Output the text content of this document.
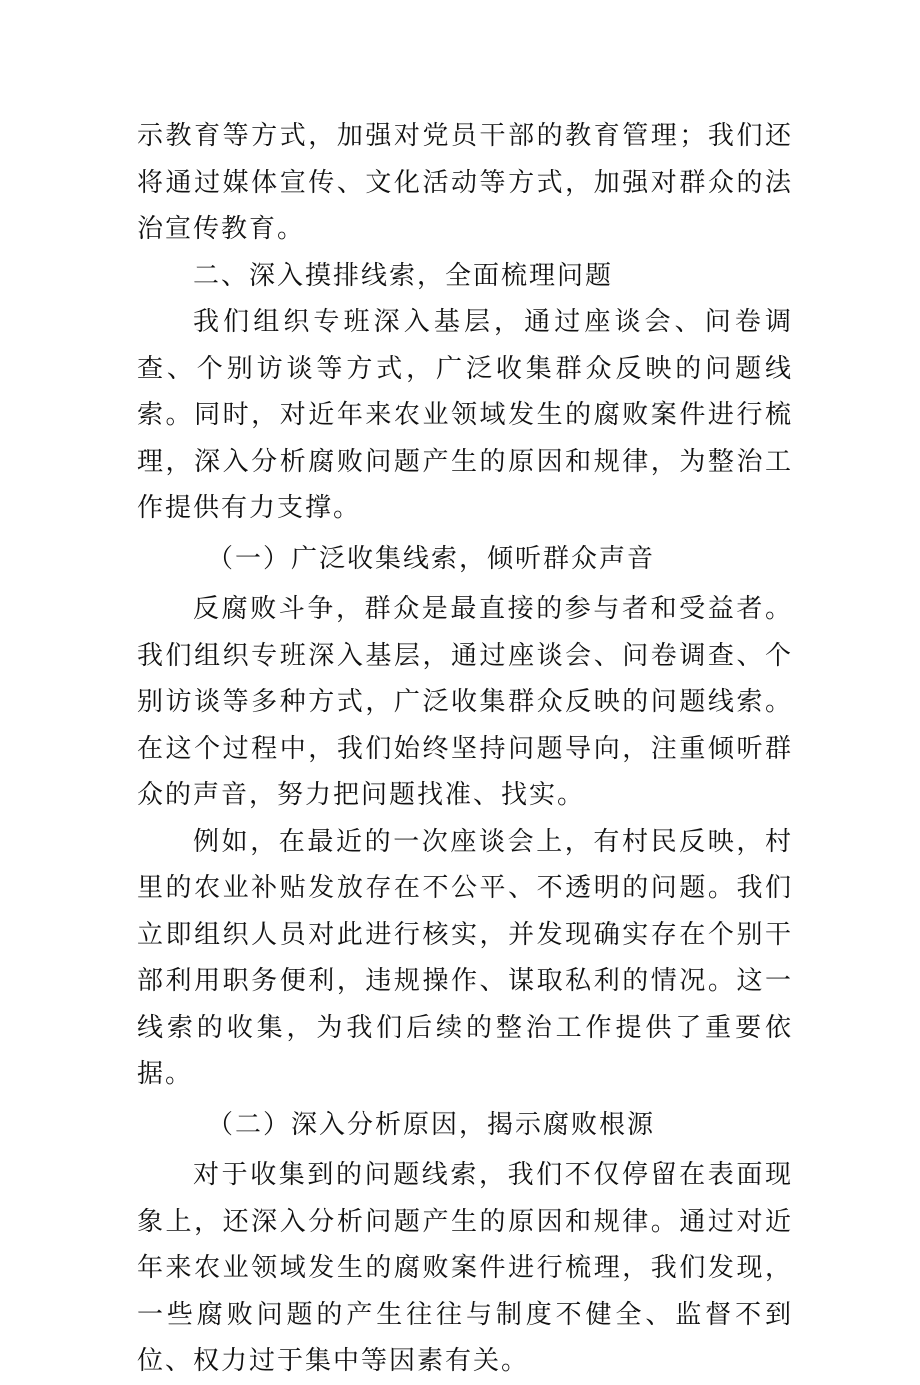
示教育等方式，加强对党员干部的教育管理；我们还将通过媒体宣传、文化活动等方式，加强对群众的法治宣传教育。

二、深入摸排线索，全面梳理问题

我们组织专班深入基层，通过座谈会、问卷调查、个别访谈等方式，广泛收集群众反映的问题线索。同时，对近年来农业领域发生的腐败案件进行梳理，深入分析腐败问题产生的原因和规律，为整治工作提供有力支撑。

（一）广泛收集线索，倾听群众声音

反腐败斗争，群众是最直接的参与者和受益者。我们组织专班深入基层，通过座谈会、问卷调查、个别访谈等多种方式，广泛收集群众反映的问题线索。在这个过程中，我们始终坚持问题导向，注重倾听群众的声音，努力把问题找准、找实。

例如，在最近的一次座谈会上，有村民反映，村里的农业补贴发放存在不公平、不透明的问题。我们立即组织人员对此进行核实，并发现确实存在个别干部利用职务便利，违规操作、谋取私利的情况。这一线索的收集，为我们后续的整治工作提供了重要依据。

（二）深入分析原因，揭示腐败根源

对于收集到的问题线索，我们不仅停留在表面现象上，还深入分析问题产生的原因和规律。通过对近年来农业领域发生的腐败案件进行梳理，我们发现，一些腐败问题的产生往往与制度不健全、监督不到位、权力过于集中等因素有关。
